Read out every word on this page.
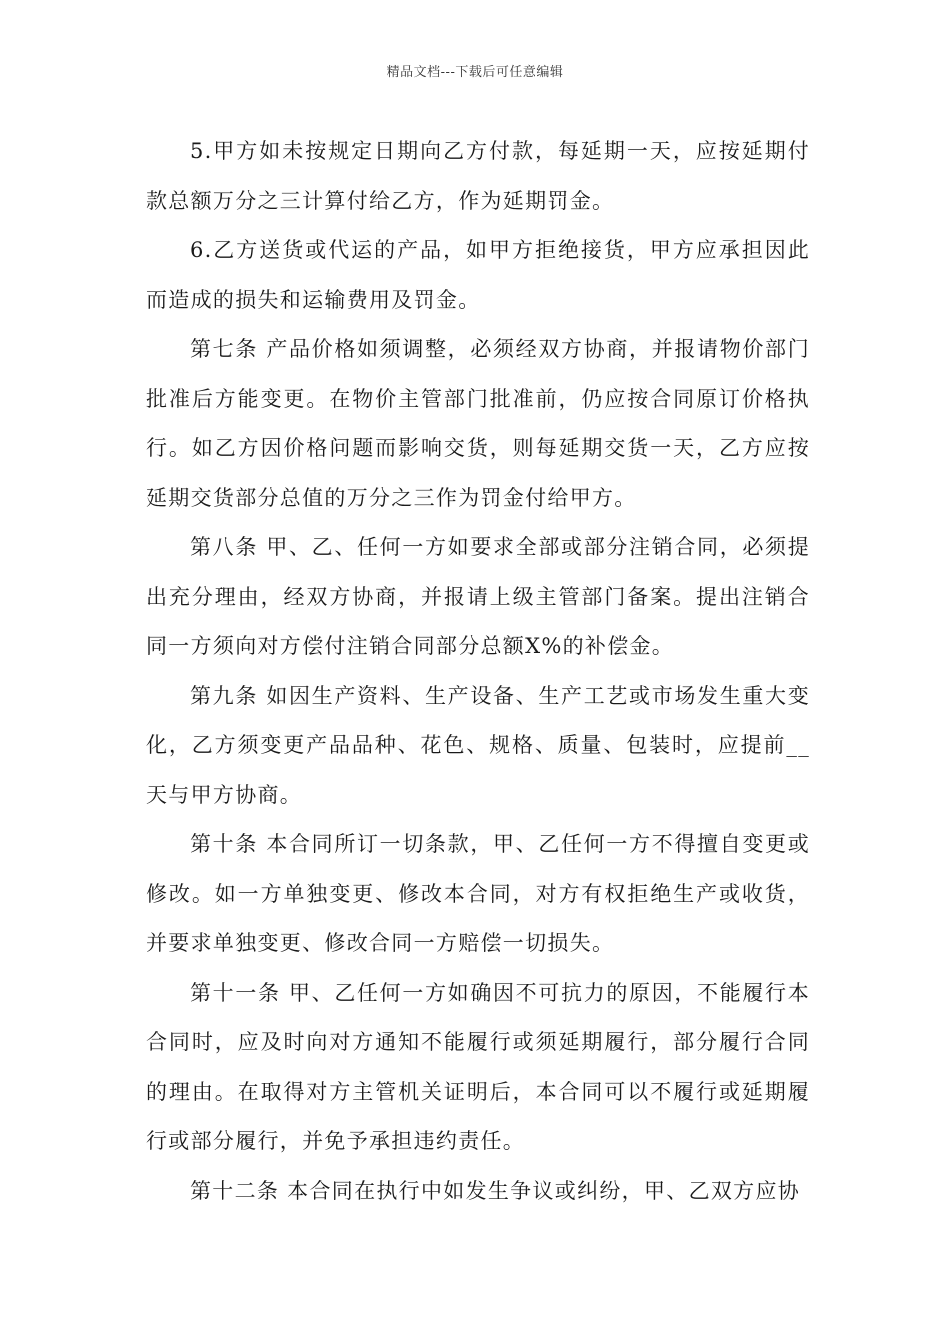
精品文档---下载后可任意编辑

5.甲方如未按规定日期向乙方付款，每延期一天，应按延期付款总额万分之三计算付给乙方，作为延期罚金。

6.乙方送货或代运的产品，如甲方拒绝接货，甲方应承担因此而造成的损失和运输费用及罚金。

第七条 产品价格如须调整，必须经双方协商，并报请物价部门批准后方能变更。在物价主管部门批准前，仍应按合同原订价格执行。如乙方因价格问题而影响交货，则每延期交货一天，乙方应按延期交货部分总值的万分之三作为罚金付给甲方。

第八条 甲、乙、任何一方如要求全部或部分注销合同，必须提出充分理由，经双方协商，并报请上级主管部门备案。提出注销合同一方须向对方偿付注销合同部分总额X%的补偿金。

第九条 如因生产资料、生产设备、生产工艺或市场发生重大变化，乙方须变更产品品种、花色、规格、质量、包装时，应提前__天与甲方协商。

第十条 本合同所订一切条款，甲、乙任何一方不得擅自变更或修改。如一方单独变更、修改本合同，对方有权拒绝生产或收货，并要求单独变更、修改合同一方赔偿一切损失。

第十一条 甲、乙任何一方如确因不可抗力的原因，不能履行本合同时，应及时向对方通知不能履行或须延期履行，部分履行合同的理由。在取得对方主管机关证明后，本合同可以不履行或延期履行或部分履行，并免予承担违约责任。

第十二条 本合同在执行中如发生争议或纠纷，甲、乙双方应协
